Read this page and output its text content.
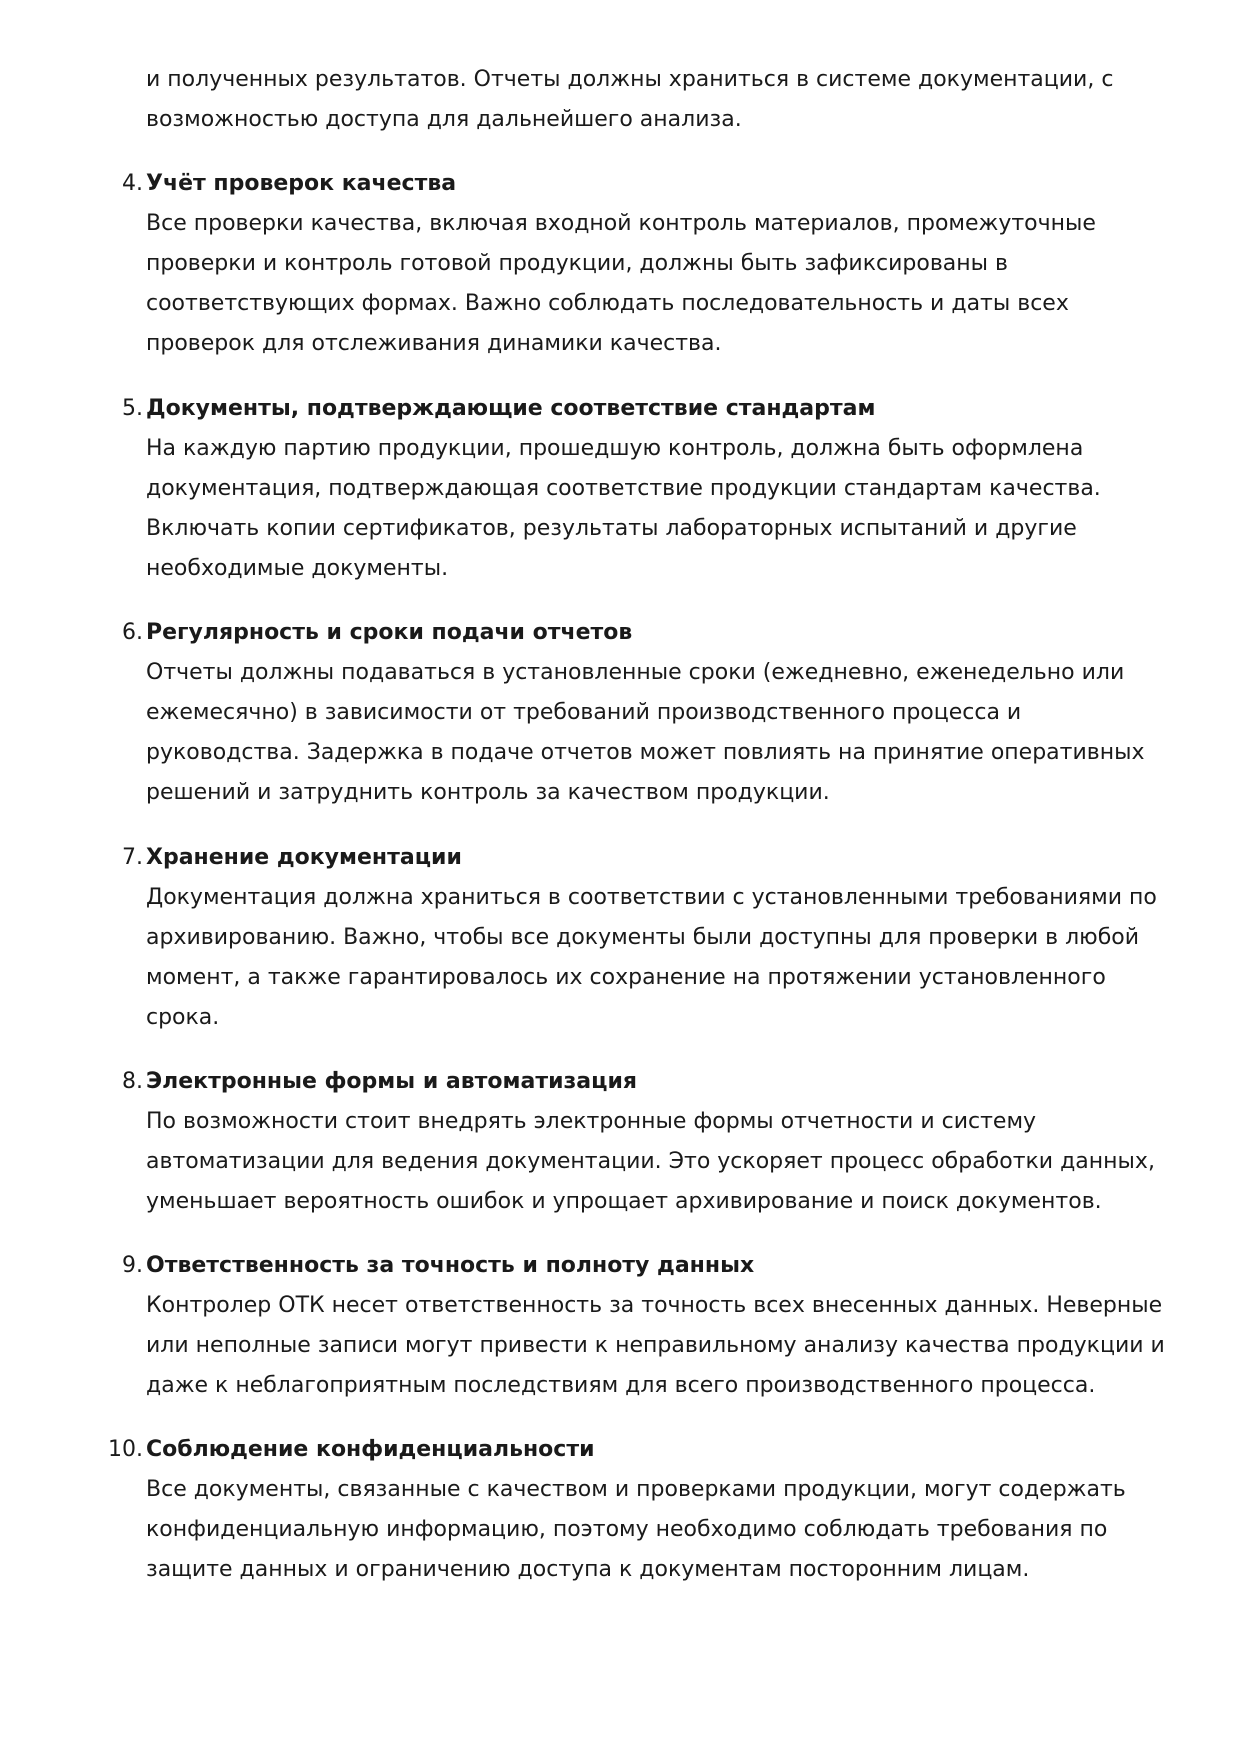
и полученных результатов. Отчеты должны храниться в системе документации, с
возможностью доступа для дальнейшего анализа.

4. Учёт проверок качества
Все проверки качества, включая входной контроль материалов, промежуточные
проверки и контроль готовой продукции, должны быть зафиксированы в
соответствующих формах. Важно соблюдать последовательность и даты всех
проверок для отслеживания динамики качества.
5. Документы, подтверждающие соответствие стандартам
На каждую партию продукции, прошедшую контроль, должна быть оформлена
документация, подтверждающая соответствие продукции стандартам качества.
Включать копии сертификатов, результаты лабораторных испытаний и другие
необходимые документы.
6. Регулярность и сроки подачи отчетов
Отчеты должны подаваться в установленные сроки (ежедневно, еженедельно или
ежемесячно) в зависимости от требований производственного процесса и
руководства. Задержка в подаче отчетов может повлиять на принятие оперативных
решений и затруднить контроль за качеством продукции.
7. Хранение документации
Документация должна храниться в соответствии с установленными требованиями по
архивированию. Важно, чтобы все документы были доступны для проверки в любой
момент, а также гарантировалось их сохранение на протяжении установленного
срока.
8. Электронные формы и автоматизация
По возможности стоит внедрять электронные формы отчетности и систему
автоматизации для ведения документации. Это ускоряет процесс обработки данных,
уменьшает вероятность ошибок и упрощает архивирование и поиск документов.
9. Ответственность за точность и полноту данных
Контролер ОТК несет ответственность за точность всех внесенных данных. Неверные
или неполные записи могут привести к неправильному анализу качества продукции и
даже к неблагоприятным последствиям для всего производственного процесса.
10. Соблюдение конфиденциальности
Все документы, связанные с качеством и проверками продукции, могут содержать
конфиденциальную информацию, поэтому необходимо соблюдать требования по
защите данных и ограничению доступа к документам посторонним лицам.
